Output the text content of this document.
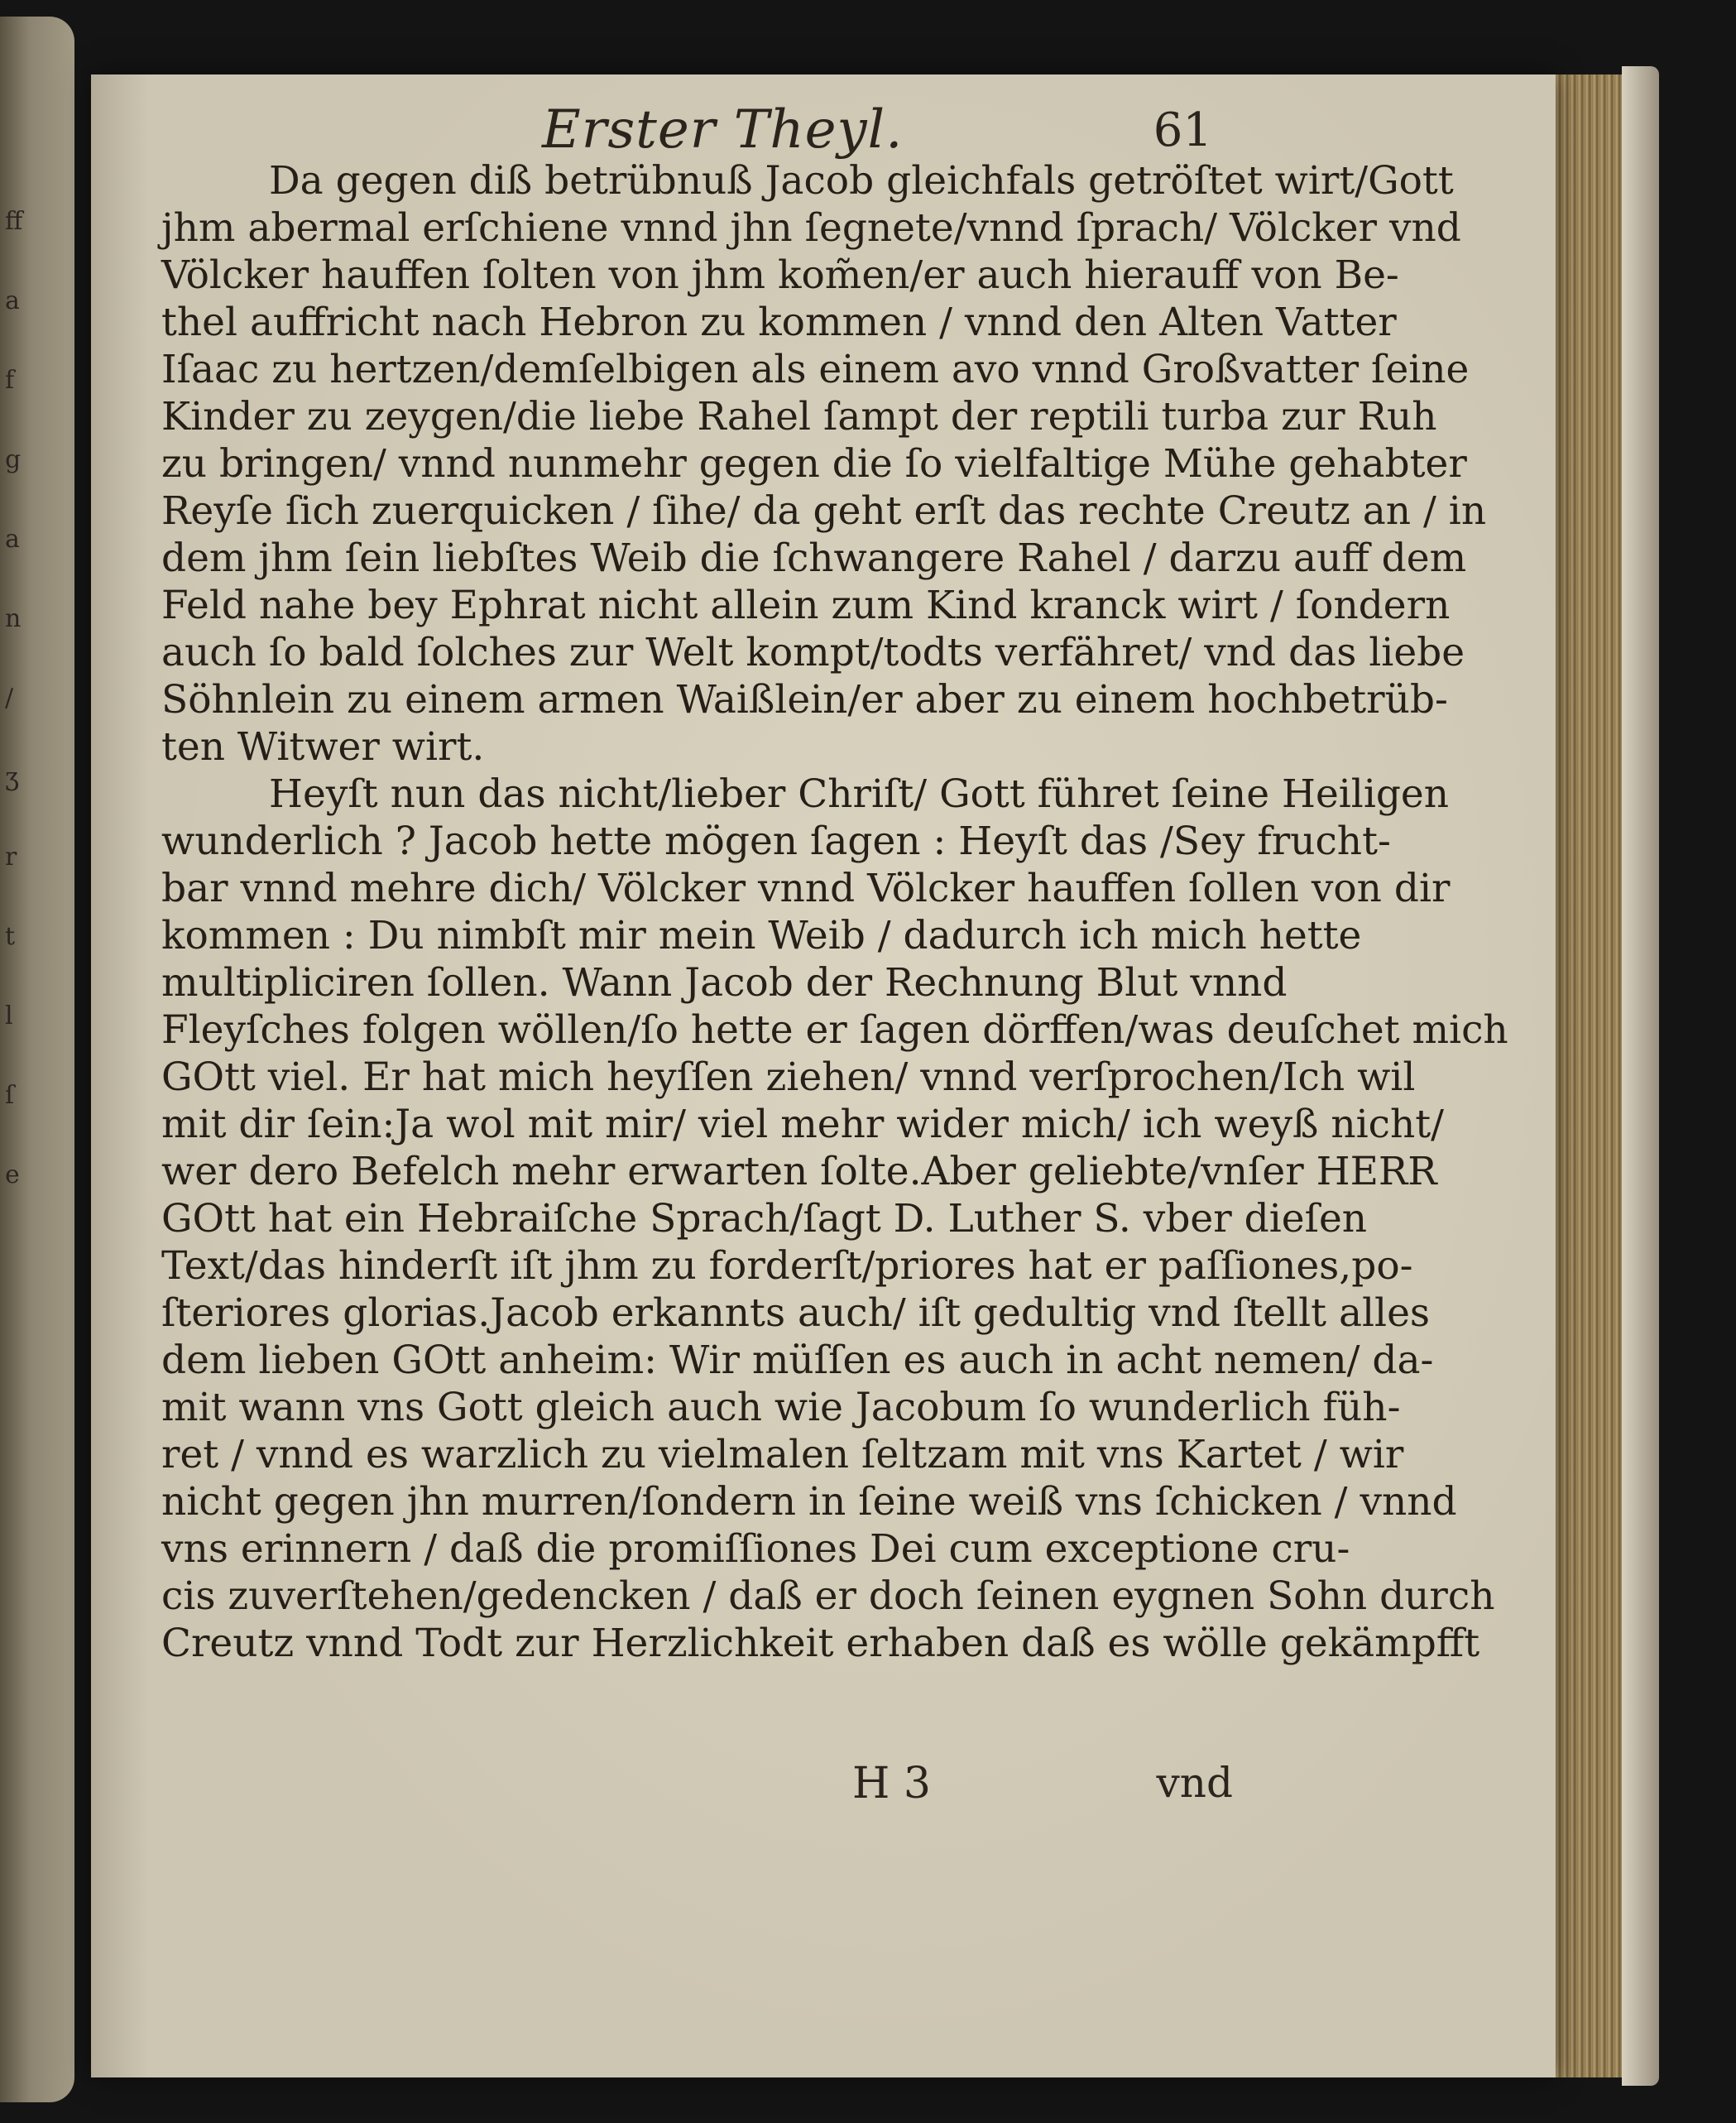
ff
a
f
g
a
n
/
ʒ
r
t
l
ſ
e
Erster Theyl.	61
Da gegen diß betrübnuß Jacob gleichfals getröſtet wirt/Gott
jhm abermal erſchiene vnnd jhn ſegnete/vnnd ſprach/ Völcker vnd
Völcker hauffen ſolten von jhm kom̃en/er auch hierauff von Be-
thel auffricht nach Hebron zu kommen / vnnd den Alten Vatter
Iſaac zu hertzen/demſelbigen als einem avo vnnd Großvatter ſeine
Kinder zu zeygen/die liebe Rahel ſampt der reptili turba zur Ruh
zu bringen/ vnnd nunmehr gegen die ſo vielfaltige Mühe gehabter
Reyſe ſich zuerquicken / ſihe/ da geht erſt das rechte Creutz an / in
dem jhm ſein liebſtes Weib die ſchwangere Rahel / darzu auff dem
Feld nahe bey Ephrat nicht allein zum Kind kranck wirt / ſondern
auch ſo bald ſolches zur Welt kompt/todts verfähret/ vnd das liebe
Söhnlein zu einem armen Waißlein/er aber zu einem hochbetrüb-
ten Witwer wirt.
Heyſt nun das nicht/lieber Chriſt/ Gott führet ſeine Heiligen
wunderlich ? Jacob hette mögen ſagen : Heyſt das /Sey frucht-
bar vnnd mehre dich/ Völcker vnnd Völcker hauffen ſollen von dir
kommen : Du nimbſt mir mein Weib / dadurch ich mich hette
multipliciren ſollen. Wann Jacob der Rechnung Blut vnnd
Fleyſches folgen wöllen/ſo hette er ſagen dörffen/was deuſchet mich
GOtt viel. Er hat mich heyſſen ziehen/ vnnd verſprochen/Ich wil
mit dir ſein:Ja wol mit mir/ viel mehr wider mich/ ich weyß nicht/
wer dero Befelch mehr erwarten ſolte.Aber geliebte/vnſer HERR
GOtt hat ein Hebraiſche Sprach/ſagt D. Luther S. vber dieſen
Text/das hinderſt iſt jhm zu forderſt/priores hat er paſſiones,po-
ſteriores glorias.Jacob erkannts auch/ iſt gedultig vnd ſtellt alles
dem lieben GOtt anheim: Wir müſſen es auch in acht nemen/ da-
mit wann vns Gott gleich auch wie Jacobum ſo wunderlich füh-
ret / vnnd es warzlich zu vielmalen ſeltzam mit vns Kartet / wir
nicht gegen jhn murren/ſondern in ſeine weiß vns ſchicken / vnnd
vns erinnern / daß die promiſſiones Dei cum exceptione cru-
cis zuverſtehen/gedencken / daß er doch ſeinen eygnen Sohn durch
Creutz vnnd Todt zur Herzlichkeit erhaben daß es wölle gekämpfft
H 3	vnd
